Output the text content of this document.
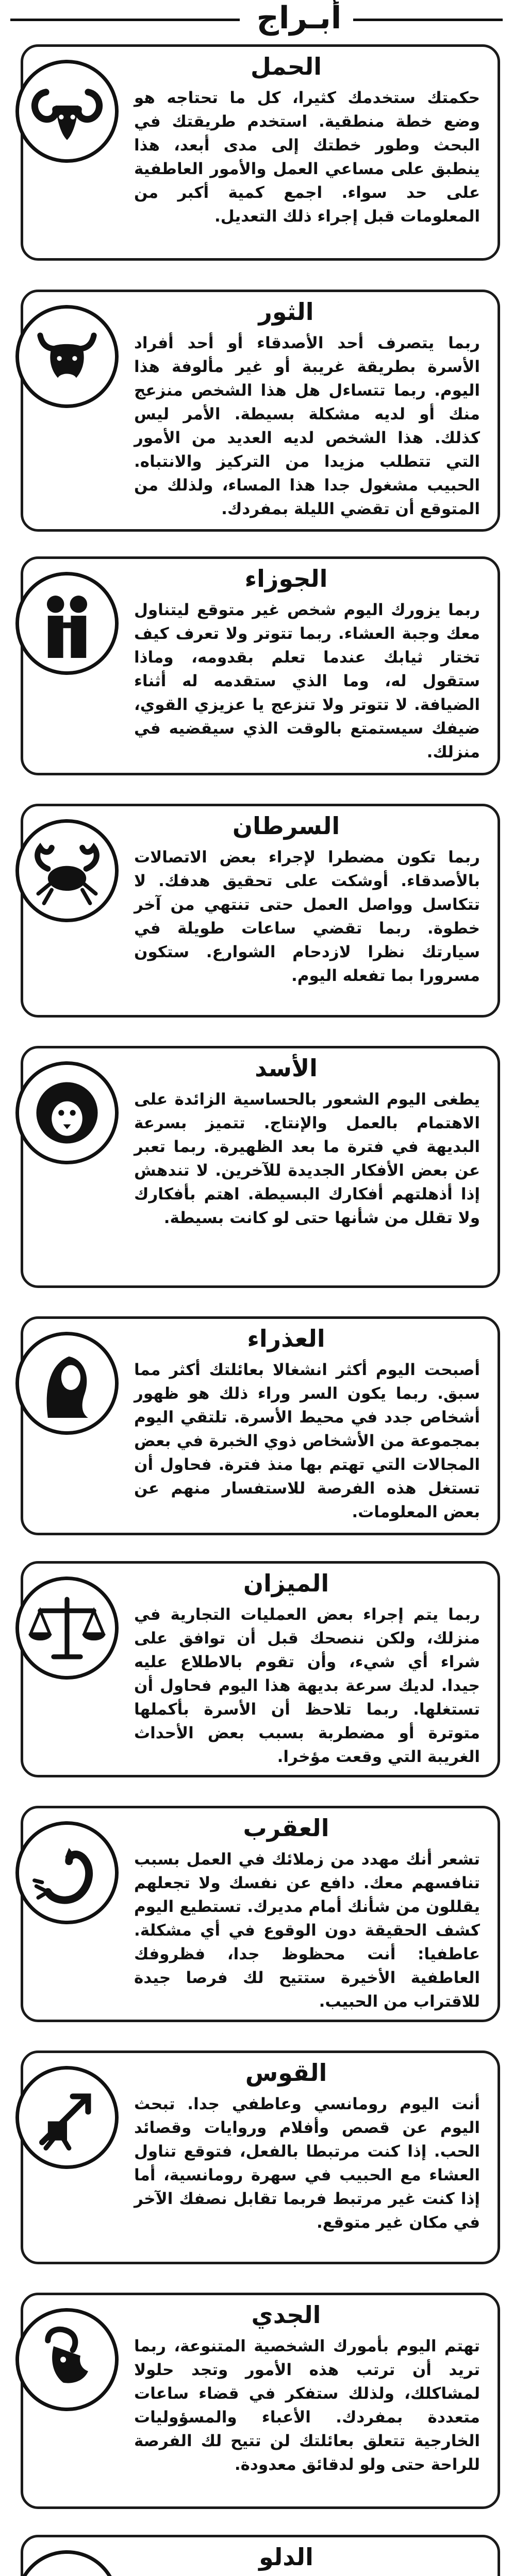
أبـراج
الحمل
حكمتك ستخدمك كثيرا، كل ما تحتاجه هو وضع خطة منطقية. استخدم طريقتك في البحث وطور خطتك إلى مدى أبعد، هذا ينطبق على مساعي العمل والأمور العاطفية على حد سواء. اجمع كمية أكبر من المعلومات قبل إجراء ذلك التعديل.
الثور
ربما يتصرف أحد الأصدقاء أو أحد أفراد الأسرة بطريقة غريبة أو غير مألوفة هذا اليوم. ربما تتساءل هل هذا الشخص منزعج منك أو لديه مشكلة بسيطة. الأمر ليس كذلك. هذا الشخص لديه العديد من الأمور التي تتطلب مزيدا من التركيز والانتباه. الحبيب مشغول جدا هذا المساء، ولذلك من المتوقع أن تقضي الليلة بمفردك.
الجوزاء
ربما يزورك اليوم شخص غير متوقع ليتناول معك وجبة العشاء. ربما تتوتر ولا تعرف كيف تختار ثيابك عندما تعلم بقدومه، وماذا ستقول له، وما الذي ستقدمه له أثناء الضيافة. لا تتوتر ولا تنزعج يا عزيزي القوي، ضيفك سيستمتع بالوقت الذي سيقضيه في منزلك.
السرطان
ربما تكون مضطرا لإجراء بعض الاتصالات بالأصدقاء. أوشكت على تحقيق هدفك. لا تتكاسل وواصل العمل حتى تنتهي من آخر خطوة. ربما تقضي ساعات طويلة في سيارتك نظرا لازدحام الشوارع. ستكون مسرورا بما تفعله اليوم.
الأسد
يطغى اليوم الشعور بالحساسية الزائدة على الاهتمام بالعمل والإنتاج. تتميز بسرعة البديهة في فترة ما بعد الظهيرة. ربما تعبر عن بعض الأفكار الجديدة للآخرين. لا تندهش إذا أذهلتهم أفكارك البسيطة. اهتم بأفكارك ولا تقلل من شأنها حتى لو كانت بسيطة.
العذراء
أصبحت اليوم أكثر انشغالا بعائلتك أكثر مما سبق. ربما يكون السر وراء ذلك هو ظهور أشخاص جدد في محيط الأسرة. تلتقي اليوم بمجموعة من الأشخاص ذوي الخبرة في بعض المجالات التي تهتم بها منذ فترة. فحاول أن تستغل هذه الفرصة للاستفسار منهم عن بعض المعلومات.
الميزان
ربما يتم إجراء بعض العمليات التجارية في منزلك، ولكن ننصحك قبل أن توافق على شراء أي شيء، وأن تقوم بالاطلاع عليه جيدا. لديك سرعة بديهة هذا اليوم فحاول أن تستغلها. ربما تلاحظ أن الأسرة بأكملها متوترة أو مضطربة بسبب بعض الأحداث الغريبة التي وقعت مؤخرا.
العقرب
تشعر أنك مهدد من زملائك في العمل بسبب تنافسهم معك. دافع عن نفسك ولا تجعلهم يقللون من شأنك أمام مديرك. تستطيع اليوم كشف الحقيقة دون الوقوع في أي مشكلة. عاطفيا: أنت محظوظ جدا، فظروفك العاطفية الأخيرة ستتيح لك فرصا جيدة للاقتراب من الحبيب.
القوس
أنت اليوم رومانسي وعاطفي جدا. تبحث اليوم عن قصص وأفلام وروايات وقصائد الحب. إذا كنت مرتبطا بالفعل، فتوقع تناول العشاء مع الحبيب في سهرة رومانسية، أما إذا كنت غير مرتبط فربما تقابل نصفك الآخر في مكان غير متوقع.
الجدي
تهتم اليوم بأمورك الشخصية المتنوعة، ربما تريد أن ترتب هذه الأمور وتجد حلولا لمشاكلك، ولذلك ستفكر في قضاء ساعات متعددة بمفردك. الأعباء والمسؤوليات الخارجية تتعلق بعائلتك لن تتيح لك الفرصة للراحة حتى ولو لدقائق معدودة.
الدلو
